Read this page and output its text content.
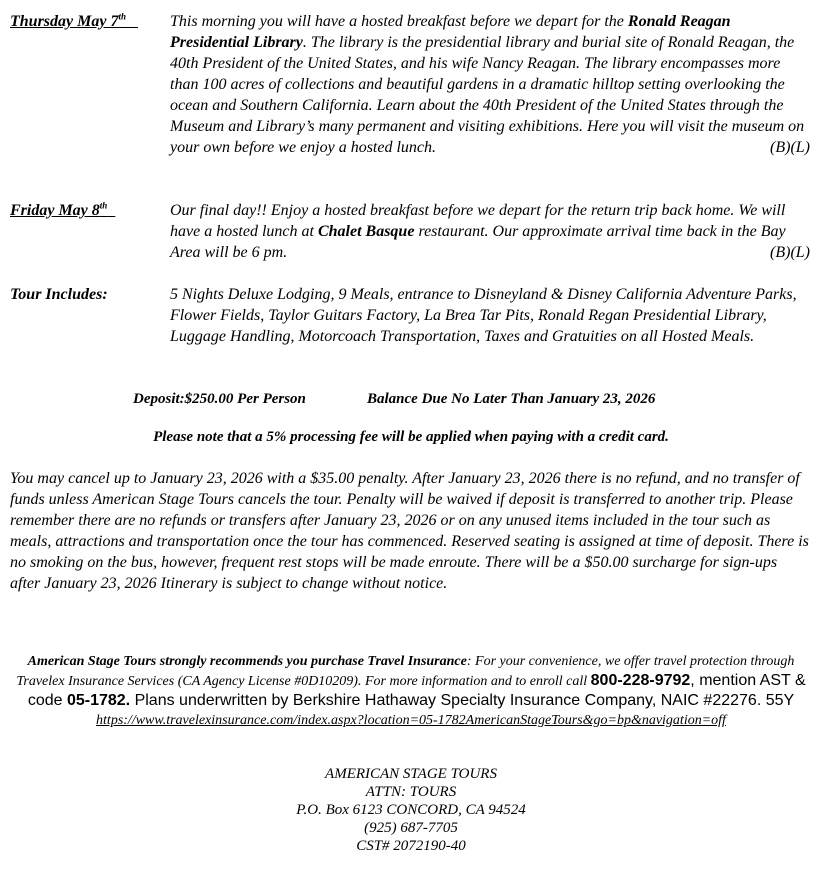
Thursday May 7th	This morning you will have a hosted breakfast before we depart for the Ronald Reagan Presidential Library. The library is the presidential library and burial site of Ronald Reagan, the 40th President of the United States, and his wife Nancy Reagan. The library encompasses more than 100 acres of collections and beautiful gardens in a dramatic hilltop setting overlooking the ocean and Southern California. Learn about the 40th President of the United States through the Museum and Library’s many permanent and visiting exhibitions. Here you will visit the museum on your own before we enjoy a hosted lunch.	(B)(L)
Friday May 8th	Our final day!! Enjoy a hosted breakfast before we depart for the return trip back home. We will have a hosted lunch at Chalet Basque restaurant. Our approximate arrival time back in the Bay Area will be 6 pm.	(B)(L)
Tour Includes:	5 Nights Deluxe Lodging, 9 Meals, entrance to Disneyland & Disney California Adventure Parks, Flower Fields, Taylor Guitars Factory, La Brea Tar Pits, Ronald Regan Presidential Library, Luggage Handling, Motorcoach Transportation, Taxes and Gratuities on all Hosted Meals.
Deposit:$250.00 Per Person	Balance Due No Later Than January 23, 2026
Please note that a 5% processing fee will be applied when paying with a credit card.
You may cancel up to January 23, 2026 with a $35.00 penalty. After January 23, 2026 there is no refund, and no transfer of funds unless American Stage Tours cancels the tour. Penalty will be waived if deposit is transferred to another trip. Please remember there are no refunds or transfers after January 23, 2026 or on any unused items included in the tour such as meals, attractions and transportation once the tour has commenced. Reserved seating is assigned at time of deposit. There is no smoking on the bus, however, frequent rest stops will be made enroute. There will be a $50.00 surcharge for sign-ups after January 23, 2026 Itinerary is subject to change without notice.
American Stage Tours strongly recommends you purchase Travel Insurance: For your convenience, we offer travel protection through Travelex Insurance Services (CA Agency License #0D10209). For more information and to enroll call 800-228-9792, mention AST & code 05-1782. Plans underwritten by Berkshire Hathaway Specialty Insurance Company, NAIC #22276. 55Y
https://www.travelexinsurance.com/index.aspx?location=05-1782AmericanStageTours&go=bp&navigation=off
AMERICAN STAGE TOURS
ATTN: TOURS
P.O. Box 6123 CONCORD, CA 94524
(925) 687-7705
CST# 2072190-40
